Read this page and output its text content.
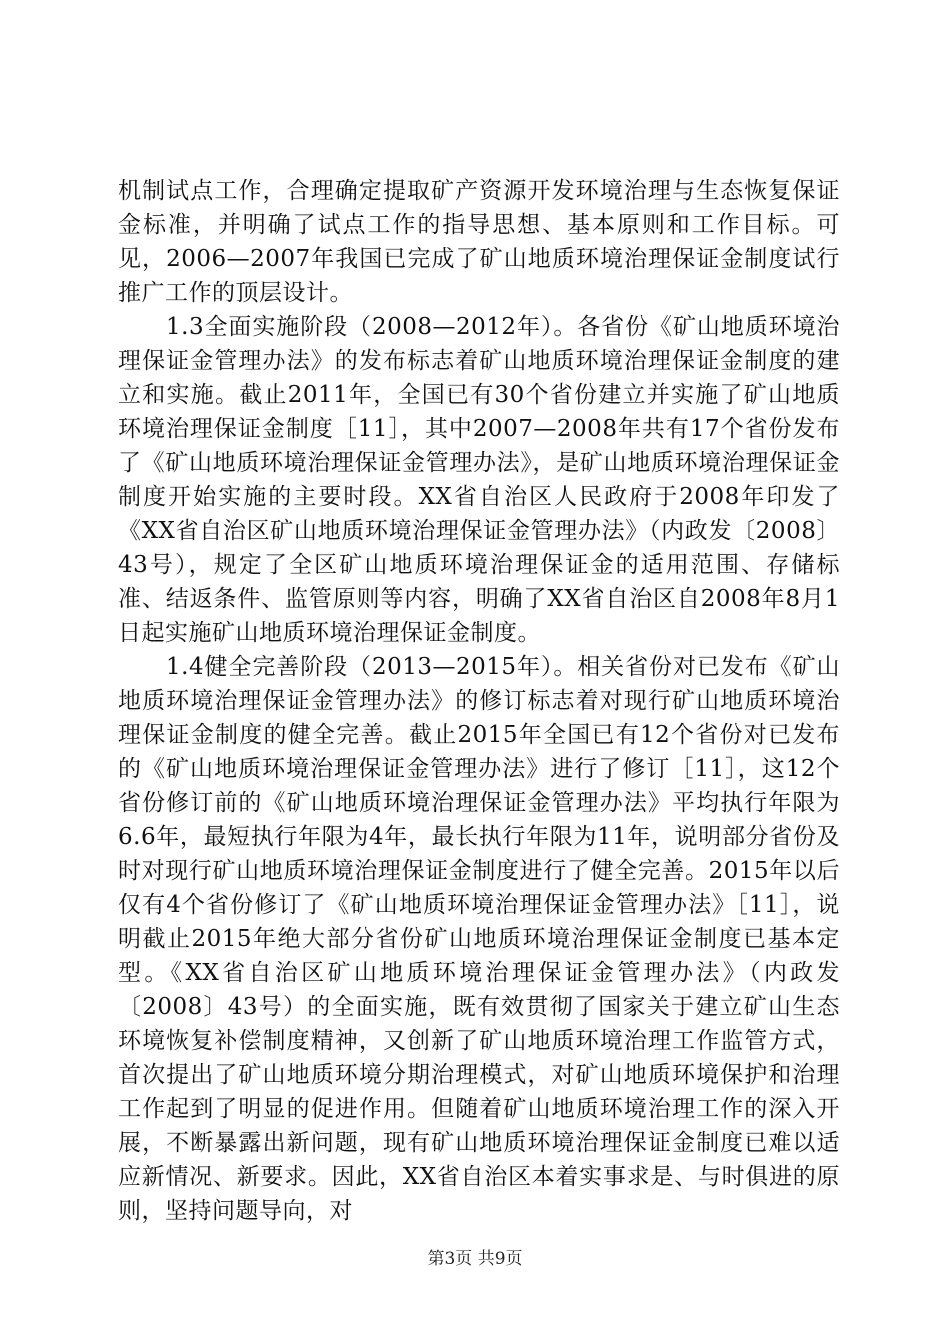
机制试点工作，合理确定提取矿产资源开发环境治理与生态恢复保证金标准，并明确了试点工作的指导思想、基本原则和工作目标。可见，2006—2007年我国已完成了矿山地质环境治理保证金制度试行推广工作的顶层设计。

1.3全面实施阶段（2008—2012年）。各省份《矿山地质环境治理保证金管理办法》的发布标志着矿山地质环境治理保证金制度的建立和实施。截止2011年，全国已有30个省份建立并实施了矿山地质环境治理保证金制度［11］，其中2007—2008年共有17个省份发布了《矿山地质环境治理保证金管理办法》，是矿山地质环境治理保证金制度开始实施的主要时段。XX省自治区人民政府于2008年印发了《XX省自治区矿山地质环境治理保证金管理办法》（内政发〔2008〕43号），规定了全区矿山地质环境治理保证金的适用范围、存储标准、结返条件、监管原则等内容，明确了XX省自治区自2008年8月1日起实施矿山地质环境治理保证金制度。

1.4健全完善阶段（2013—2015年）。相关省份对已发布《矿山地质环境治理保证金管理办法》的修订标志着对现行矿山地质环境治理保证金制度的健全完善。截止2015年全国已有12个省份对已发布的《矿山地质环境治理保证金管理办法》进行了修订［11］，这12个省份修订前的《矿山地质环境治理保证金管理办法》平均执行年限为6.6年，最短执行年限为4年，最长执行年限为11年，说明部分省份及时对现行矿山地质环境治理保证金制度进行了健全完善。2015年以后仅有4个省份修订了《矿山地质环境治理保证金管理办法》［11］，说明截止2015年绝大部分省份矿山地质环境治理保证金制度已基本定型。《XX省自治区矿山地质环境治理保证金管理办法》（内政发〔2008〕43号）的全面实施，既有效贯彻了国家关于建立矿山生态环境恢复补偿制度精神，又创新了矿山地质环境治理工作监管方式，首次提出了矿山地质环境分期治理模式，对矿山地质环境保护和治理工作起到了明显的促进作用。但随着矿山地质环境治理工作的深入开展，不断暴露出新问题，现有矿山地质环境治理保证金制度已难以适应新情况、新要求。因此，XX省自治区本着实事求是、与时俱进的原则，坚持问题导向，对

第3页 共9页
